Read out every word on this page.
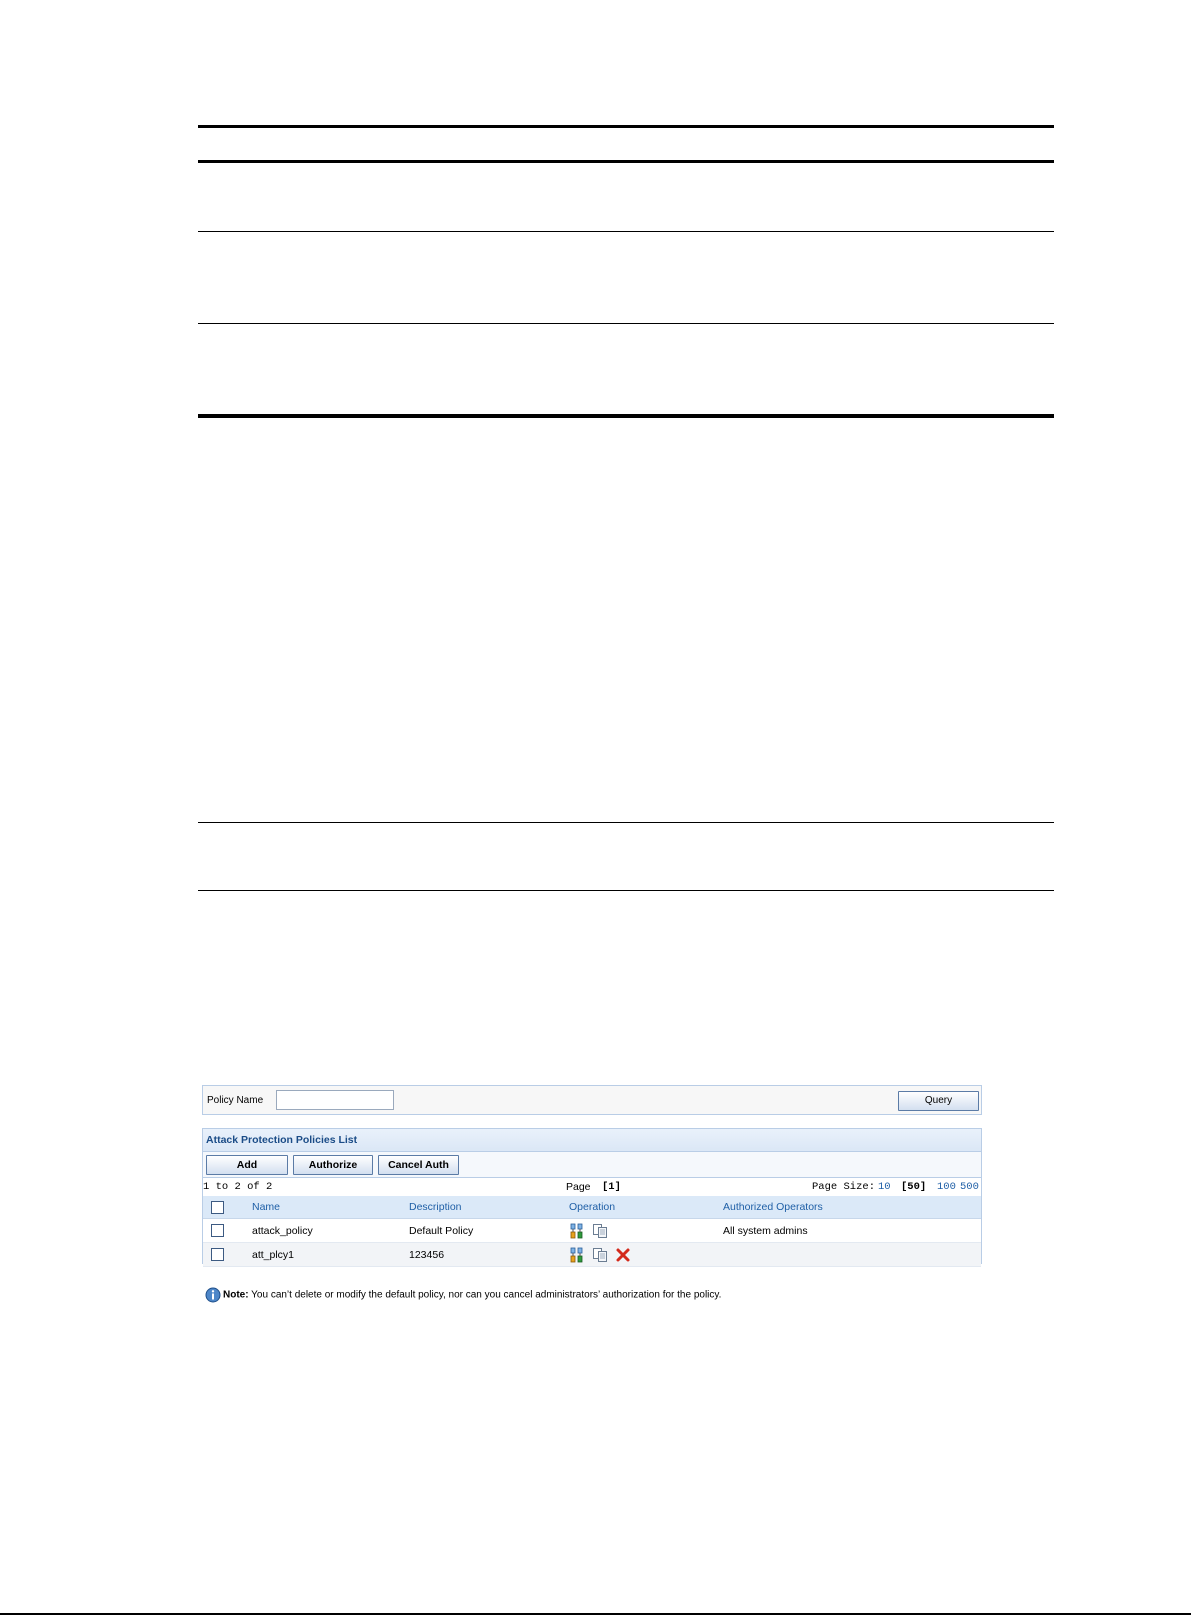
Policy Name	Query
Attack Protection Policies List
Add	Authorize	Cancel Auth
1 to 2 of 2	Page [1]	Page Size: 10 [50] 100 500
	Name	Description	Operation	Authorized Operators
	attack_policy	Default Policy		All system admins
	att_plcy1	123456		
Note: You can’t delete or modify the default policy, nor can you cancel administrators’ authorization for the policy.
